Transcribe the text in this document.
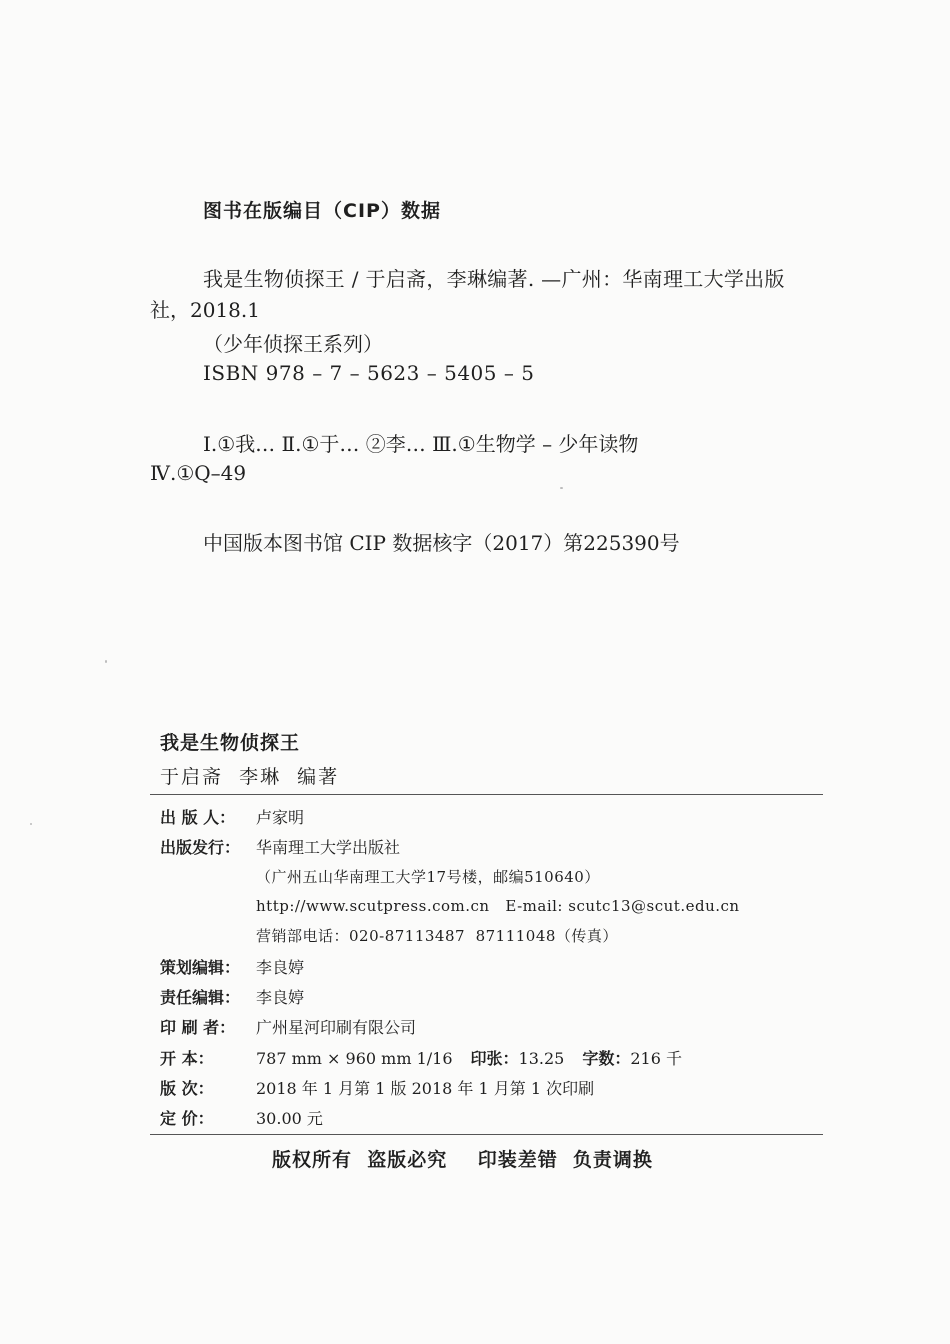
图书在版编目（CIP）数据
我是生物侦探王 / 于启斋，李琳编著. —广州：华南理工大学出版
社，2018.1
（少年侦探王系列）
ISBN 978 – 7 – 5623 – 5405 – 5
Ⅰ.①我… Ⅱ.①于… ②李… Ⅲ.①生物学 – 少年读物
Ⅳ.①Q–49
中国版本图书馆 CIP 数据核字（2017）第225390号
我是生物侦探王
于启斋  李琳  编著
出 版 人： 卢家明
出版发行： 华南理工大学出版社
（广州五山华南理工大学17号楼，邮编510640）
http://www.scutpress.com.cn   E-mail: scutc13@scut.edu.cn
营销部电话：020-87113487  87111048（传真）
策划编辑： 李良婷
责任编辑： 李良婷
印 刷 者： 广州星河印刷有限公司
开 本：	787 mm × 960 mm 1/16 印张：13.25 字数：216 千
版 次：	2018 年 1 月第 1 版 2018 年 1 月第 1 次印刷
定 价：	30.00 元
版权所有  盗版必究    印装差错  负责调换
